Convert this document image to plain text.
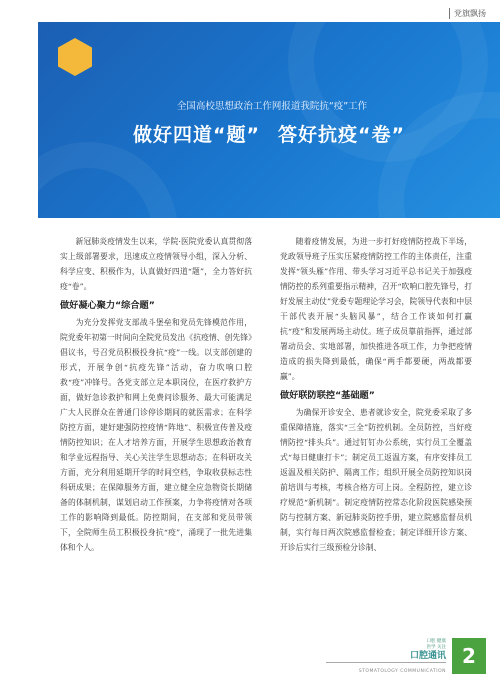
党旗飘扬
全国高校思想政治工作网报道我院抗“疫”工作
做好四道“题” 答好抗疫“卷”

新冠肺炎疫情发生以来，学院·医院党委认真贯彻落实上级部署要求，迅速成立疫情领导小组，深入分析、科学应变、积极作为，认真做好四道“题”，全力答好抗疫“卷”。

做好凝心聚力“综合题”

为充分发挥党支部战斗堡垒和党员先锋模范作用，院党委年初第一时间向全院党员发出《抗疫情、创先锋》倡议书，号召党员积极投身抗“疫”一线。以支部创建的形式，开展争创“抗疫先锋”活动，奋力吹响口腔救“疫”冲锋号。各党支部立足本职岗位，在医疗救护方面，做好急诊救护和网上免费问诊服务、最大可能满足广大人民群众在普通门诊停诊期间的就医需求；在科学防控方面，建好建强防控疫情“阵地”、积极宣传普及疫情防控知识；在人才培养方面，开展学生思想政治教育和学业远程指导、关心关注学生思想动态；在科研攻关方面，充分利用延期开学的时间空档，争取收获标志性科研成果；在保障服务方面，建立健全应急物资长期储备的体制机制，谋划启动工作预案，力争将疫情对各项工作的影响降到最低。防控期间，在支部和党员带领下，全院师生员工积极投身抗“疫”，涌现了一批先进集体和个人。

随着疫情发展，为进一步打好疫情防控战下半场，党政领导班子压实压紧疫情防控工作的主体责任，注重发挥“领头雁”作用、带头学习习近平总书记关于加强疫情防控的系列重要指示精神，召开“吹响口腔先锋号，打好发展主动仗”党委专题理论学习会，院领导代表和中层干部代表开展“头脑风暴”，结合工作谈如何打赢抗“疫”和发展两场主动仗。班子成员靠前指挥，通过部署动员会、实地部署，加快推进各项工作，力争把疫情造成的损失降到最低，确保“两手都要硬，两战都要赢”。

做好联防联控“基础题”

为确保开诊安全、患者就诊安全，院党委采取了多重保障措施，落实“三全”防控机制。全员防控，当好疫情防控“排头兵”。通过钉钉办公系统，实行员工全覆盖式“每日健康打卡”；制定员工返温方案，有序安排员工返温及相关防护、隔离工作；组织开展全员防控知识岗前培训与考核，考核合格方可上岗。全程防控，建立诊疗规范“新机制”。制定疫情防控常态化阶段医院感染预防与控制方案、新冠肺炎防控手册，建立院感监督员机制，实行每日两次院感监督检查；制定详细开诊方案、开诊后实行三级预检分诊制、

口腔 健康
医学 关注
口腔通讯
STOMATOLOGY COMMUNICATION
2
